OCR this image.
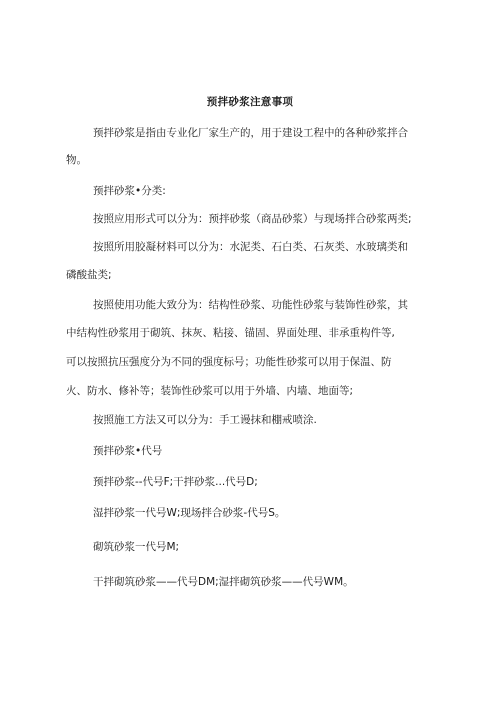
预拌砂浆注意事项
预拌砂浆是指由专业化厂家生产的，用于建设工程中的各种砂浆拌合
物。
预拌砂浆•分类:
按照应用形式可以分为：预拌砂浆（商品砂浆）与现场拌合砂浆两类;
按照所用胶凝材料可以分为：水泥类、石白类、石灰类、水玻璃类和
磷酸盐类;
按照使用功能大致分为：结构性砂浆、功能性砂浆与装饰性砂浆，其
中结构性砂浆用于砌筑、抹灰、粘接、锚固、界面处理、非承重构件等,
可以按照抗压强度分为不同的强度标号；功能性砂浆可以用于保温、防
火、防水、修补等；装饰性砂浆可以用于外墙、内墙、地面等;
按照施工方法又可以分为：手工谩抹和棚戒喷涂.
预拌砂浆•代号
预拌砂浆--代号F;干拌砂浆...代号D;
湿拌砂浆一代号W;现场拌合砂浆-代号S。
砌筑砂浆一代号M;
干拌砌筑砂浆——代号DM;湿拌砌筑砂浆——代号WM。
